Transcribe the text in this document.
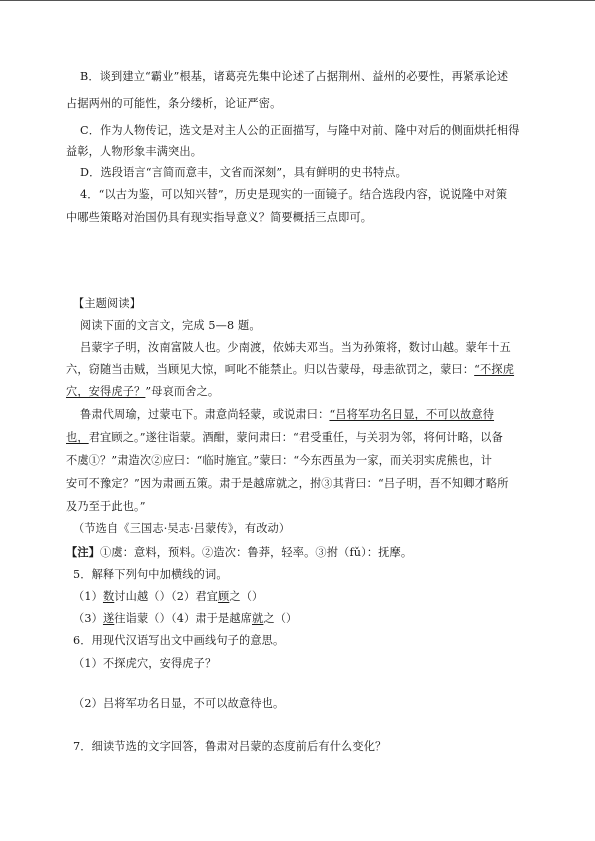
B．谈到建立“霸业”根基，诸葛亮先集中论述了占据荆州、益州的必要性，再紧承论述
占据两州的可能性，条分缕析，论证严密。
C．作为人物传记，选文是对主人公的正面描写，与隆中对前、隆中对后的侧面烘托相得
益彰，人物形象丰满突出。
D．选段语言“言简而意丰，文省而深刻”，具有鲜明的史书特点。
4．“以古为鉴，可以知兴替”，历史是现实的一面镜子。结合选段内容，说说隆中对策
中哪些策略对治国仍具有现实指导意义？简要概括三点即可。
【主题阅读】
阅读下面的文言文，完成 5—8 题。
吕蒙字子明，汝南富陂人也。少南渡，依姊夫邓当。当为孙策将，数讨山越。蒙年十五
六，窃随当击贼，当顾见大惊，呵叱不能禁止。归以告蒙母，母恚欲罚之，蒙曰：“不探虎
穴，安得虎子？”母哀而舍之。
鲁肃代周瑜，过蒙屯下。肃意尚轻蒙，或说肃曰：“吕将军功名日显，不可以故意待
也，君宜顾之。”遂往诣蒙。酒酣，蒙问肃曰：“君受重任，与关羽为邻，将何计略，以备
不虞①？”肃造次②应曰：“临时施宜。”蒙曰：“今东西虽为一家，而关羽实虎熊也，计
安可不豫定？”因为肃画五策。肃于是越席就之，拊③其背曰：“吕子明，吾不知卿才略所
及乃至于此也。”
（节选自《三国志·吴志·吕蒙传》，有改动）
【注】①虞：意料，预料。②造次：鲁莽，轻率。③拊（fǔ）：抚摩。
5．解释下列句中加横线的词。
（1）数讨山越（）（2）君宜顾之（）
（3）遂往诣蒙（）（4）肃于是越席就之（）
6．用现代汉语写出文中画线句子的意思。
（1）不探虎穴，安得虎子？
（2）吕将军功名日显，不可以故意待也。
7．细读节选的文字回答，鲁肃对吕蒙的态度前后有什么变化？
